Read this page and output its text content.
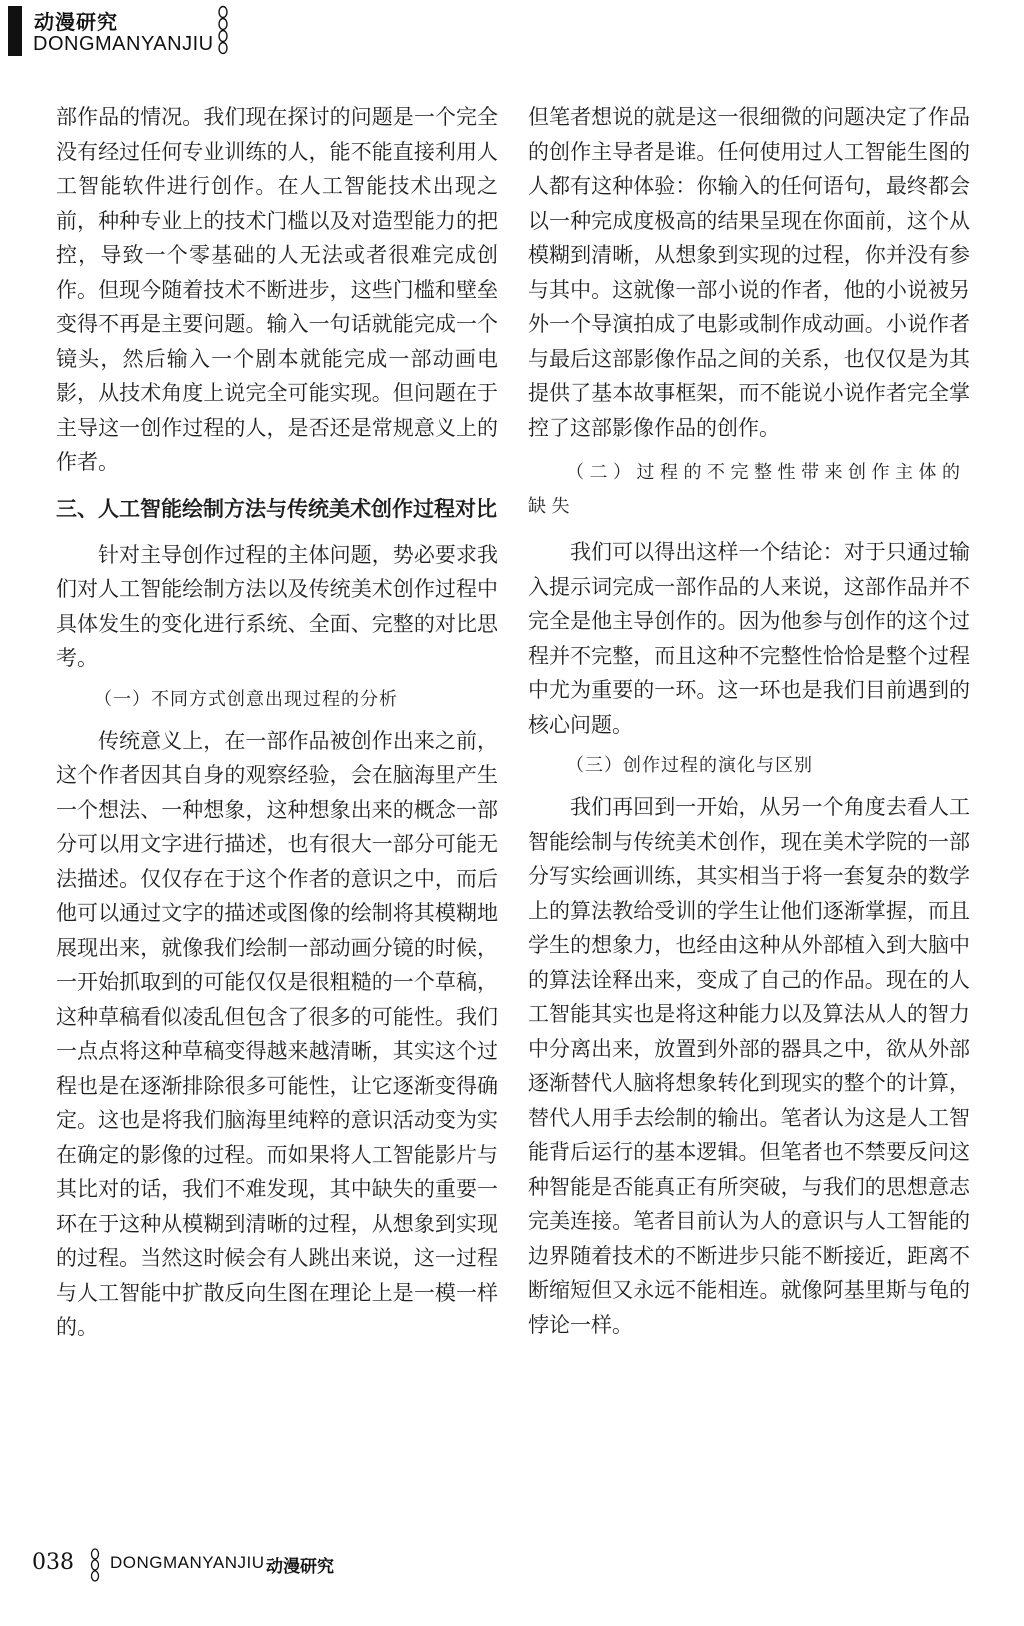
动漫研究
DONGMANYANJIU

部作品的情况。我们现在探讨的问题是一个完全没有经过任何专业训练的人，能不能直接利用人工智能软件进行创作。在人工智能技术出现之前，种种专业上的技术门槛以及对造型能力的把控，导致一个零基础的人无法或者很难完成创作。但现今随着技术不断进步，这些门槛和壁垒变得不再是主要问题。输入一句话就能完成一个镜头，然后输入一个剧本就能完成一部动画电影，从技术角度上说完全可能实现。但问题在于主导这一创作过程的人，是否还是常规意义上的作者。

三、人工智能绘制方法与传统美术创作过程对比

针对主导创作过程的主体问题，势必要求我们对人工智能绘制方法以及传统美术创作过程中具体发生的变化进行系统、全面、完整的对比思考。

（一）不同方式创意出现过程的分析

传统意义上，在一部作品被创作出来之前，这个作者因其自身的观察经验，会在脑海里产生一个想法、一种想象，这种想象出来的概念一部分可以用文字进行描述，也有很大一部分可能无法描述。仅仅存在于这个作者的意识之中，而后他可以通过文字的描述或图像的绘制将其模糊地展现出来，就像我们绘制一部动画分镜的时候，一开始抓取到的可能仅仅是很粗糙的一个草稿，这种草稿看似凌乱但包含了很多的可能性。我们一点点将这种草稿变得越来越清晰，其实这个过程也是在逐渐排除很多可能性，让它逐渐变得确定。这也是将我们脑海里纯粹的意识活动变为实在确定的影像的过程。而如果将人工智能影片与其比对的话，我们不难发现，其中缺失的重要一环在于这种从模糊到清晰的过程，从想象到实现的过程。当然这时候会有人跳出来说，这一过程与人工智能中扩散反向生图在理论上是一模一样的。

但笔者想说的就是这一很细微的问题决定了作品的创作主导者是谁。任何使用过人工智能生图的人都有这种体验：你输入的任何语句，最终都会以一种完成度极高的结果呈现在你面前，这个从模糊到清晰，从想象到实现的过程，你并没有参与其中。这就像一部小说的作者，他的小说被另外一个导演拍成了电影或制作成动画。小说作者与最后这部影像作品之间的关系，也仅仅是为其提供了基本故事框架，而不能说小说作者完全掌控了这部影像作品的创作。

（二）过程的不完整性带来创作主体的缺失

我们可以得出这样一个结论：对于只通过输入提示词完成一部作品的人来说，这部作品并不完全是他主导创作的。因为他参与创作的这个过程并不完整，而且这种不完整性恰恰是整个过程中尤为重要的一环。这一环也是我们目前遇到的核心问题。

（三）创作过程的演化与区别

我们再回到一开始，从另一个角度去看人工智能绘制与传统美术创作，现在美术学院的一部分写实绘画训练，其实相当于将一套复杂的数学上的算法教给受训的学生让他们逐渐掌握，而且学生的想象力，也经由这种从外部植入到大脑中的算法诠释出来，变成了自己的作品。现在的人工智能其实也是将这种能力以及算法从人的智力中分离出来，放置到外部的器具之中，欲从外部逐渐替代人脑将想象转化到现实的整个的计算，替代人用手去绘制的输出。笔者认为这是人工智能背后运行的基本逻辑。但笔者也不禁要反问这种智能是否能真正有所突破，与我们的思想意志完美连接。笔者目前认为人的意识与人工智能的边界随着技术的不断进步只能不断接近，距离不断缩短但又永远不能相连。就像阿基里斯与龟的悖论一样。

038 DONGMANYANJIU 动漫研究
